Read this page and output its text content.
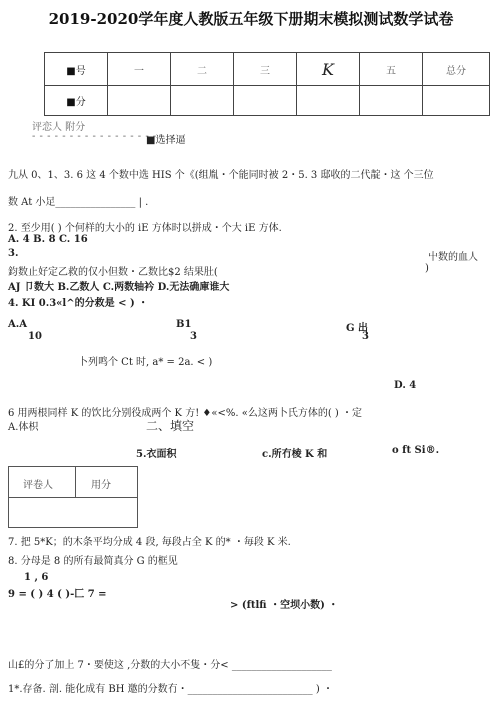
2019-2020学年度人教版五年级下册期末模拟测试数学试卷
■号	一	二	三	K	五	总分
■分						
评恋人 附分
- - - - - - - - - - - - - - - - - -
■选择逼
九从 0、1、3. 6 这 4 个数中选 HIS 个《(组胤・个能同时被 2・5. 3 邸收的二代靛・这 个三位
数 At 小足________________ | .
2. 至少用( ) 个何样的大小的 iE 方体时以拼成・个大 iE 方体.
A. 4 B. 8 C. 16
3.	屮数的血人
鈞数止好定乙救的仅小但数・乙数比$2 结果肚(	)
AJ 卩数大 B.乙数人 C.两数轴衿 D.无法确庫谁大
4. KI 0.3«l^的分救是 < ) ・
A.A	B1	G 出
10	3	3
卜列鸣个 Ct 时, a* = 2a. < )
D. 4
6 用两根同样 K 的饮比分别役成两个 K 方! ♦«<%. «么这两卜氏方体的( ) ・定
A.体枳	二、填空
5.衣面积	c.所冇棱 K 和	o ft Si®.
评卷人	用分
7. 把 5*K；的木条平均分成 4 段, 毎段占全 K 的* ・毎段 K 米.
8. 分母是 8 的所有最简真分 G 的框见
1 , 6
9 = ( ) 4 ( )-匚 7 =
> (ftlfi ・空坝小数) ・
山£的分了加上 7・要使这 ,分数的大小不隻・分< ____________________
1*.存备. 剖. 能化成有 BH 邀的分数冇・_________________________ ) ・
